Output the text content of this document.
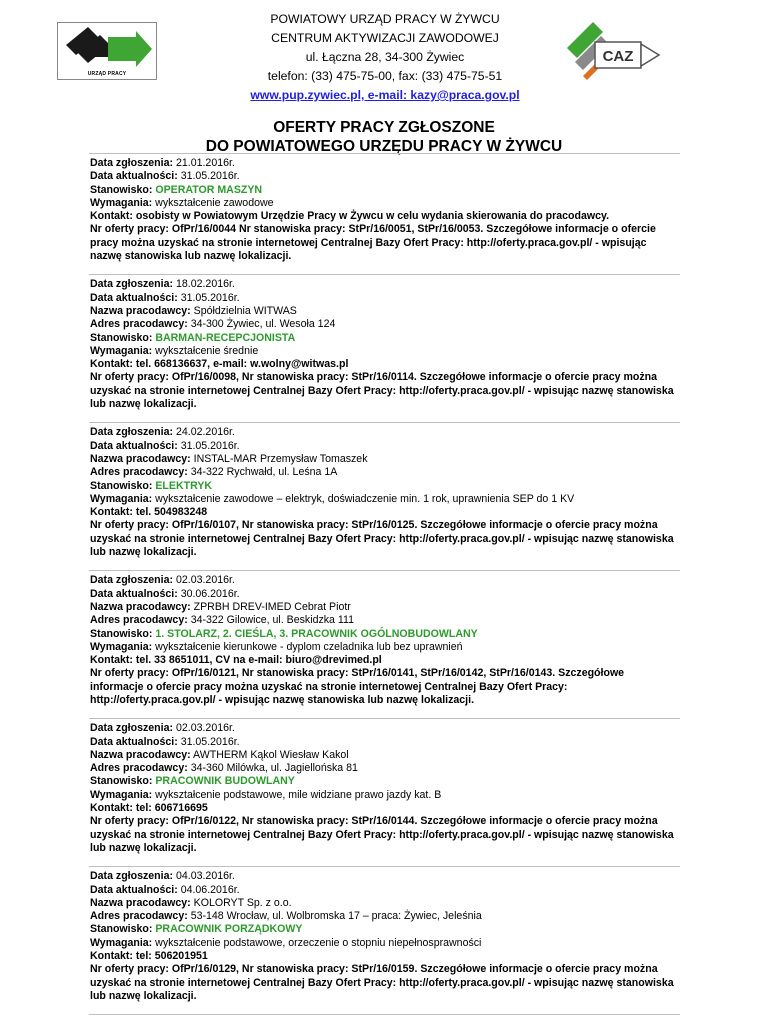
URZĄD PRACY
POWIATOWY URZĄD PRACY W ŻYWCU
CENTRUM AKTYWIZACJI ZAWODOWEJ
ul. Łączna 28, 34-300 Żywiec
telefon: (33) 475-75-00, fax: (33) 475-75-51
www.pup.zywiec.pl, e-mail: kazy@praca.gov.pl
CAZ
OFERTY PRACY ZGŁOSZONE
DO POWIATOWEGO URZĘDU PRACY W ŻYWCU
Data zgłoszenia: 21.01.2016r.
Data aktualności: 31.05.2016r.
Stanowisko: OPERATOR MASZYN
Wymagania: wykształcenie zawodowe
Kontakt: osobisty w Powiatowym Urzędzie Pracy w Żywcu w celu wydania skierowania do pracodawcy.
Nr oferty pracy: OfPr/16/0044 Nr stanowiska pracy: StPr/16/0051, StPr/16/0053. Szczegółowe informacje o ofercie pracy można uzyskać na stronie internetowej Centralnej Bazy Ofert Pracy: http://oferty.praca.gov.pl/ - wpisując nazwę stanowiska lub nazwę lokalizacji.
Data zgłoszenia: 18.02.2016r.
Data aktualności: 31.05.2016r.
Nazwa pracodawcy: Spółdzielnia WITWAS
Adres pracodawcy: 34-300 Żywiec, ul. Wesoła 124
Stanowisko: BARMAN-RECEPCJONISTA
Wymagania: wykształcenie średnie
Kontakt: tel. 668136637, e-mail: w.wolny@witwas.pl
Nr oferty pracy: OfPr/16/0098, Nr stanowiska pracy: StPr/16/0114. Szczegółowe informacje o ofercie pracy można uzyskać na stronie internetowej Centralnej Bazy Ofert Pracy: http://oferty.praca.gov.pl/ - wpisując nazwę stanowiska lub nazwę lokalizacji.
Data zgłoszenia: 24.02.2016r.
Data aktualności: 31.05.2016r.
Nazwa pracodawcy: INSTAL-MAR Przemysław Tomaszek
Adres pracodawcy: 34-322 Rychwałd, ul. Leśna 1A
Stanowisko: ELEKTRYK
Wymagania: wykształcenie zawodowe – elektryk, doświadczenie min. 1 rok, uprawnienia SEP do 1 KV
Kontakt: tel. 504983248
Nr oferty pracy: OfPr/16/0107, Nr stanowiska pracy: StPr/16/0125. Szczegółowe informacje o ofercie pracy można uzyskać na stronie internetowej Centralnej Bazy Ofert Pracy: http://oferty.praca.gov.pl/ - wpisując nazwę stanowiska lub nazwę lokalizacji.
Data zgłoszenia: 02.03.2016r.
Data aktualności: 30.06.2016r.
Nazwa pracodawcy: ZPRBH DREV-IMED Cebrat Piotr
Adres pracodawcy: 34-322 Gilowice, ul. Beskidzka 111
Stanowisko: 1. STOLARZ, 2. CIEŚLA, 3. PRACOWNIK OGÓLNOBUDOWLANY
Wymagania: wykształcenie kierunkowe - dyplom czeladnika lub bez uprawnień
Kontakt: tel. 33 8651011, CV na e-mail: biuro@drevimed.pl
Nr oferty pracy: OfPr/16/0121, Nr stanowiska pracy: StPr/16/0141, StPr/16/0142, StPr/16/0143. Szczegółowe informacje o ofercie pracy można uzyskać na stronie internetowej Centralnej Bazy Ofert Pracy: http://oferty.praca.gov.pl/ - wpisując nazwę stanowiska lub nazwę lokalizacji.
Data zgłoszenia: 02.03.2016r.
Data aktualności: 31.05.2016r.
Nazwa pracodawcy: AWTHERM Kąkol Wiesław Kakol
Adres pracodawcy: 34-360 Milówka, ul. Jagiellońska 81
Stanowisko: PRACOWNIK BUDOWLANY
Wymagania: wykształcenie podstawowe, mile widziane prawo jazdy kat. B
Kontakt: tel: 606716695
Nr oferty pracy: OfPr/16/0122, Nr stanowiska pracy: StPr/16/0144. Szczegółowe informacje o ofercie pracy można uzyskać na stronie internetowej Centralnej Bazy Ofert Pracy: http://oferty.praca.gov.pl/ - wpisując nazwę stanowiska lub nazwę lokalizacji.
Data zgłoszenia: 04.03.2016r.
Data aktualności: 04.06.2016r.
Nazwa pracodawcy: KOLORYT Sp. z o.o.
Adres pracodawcy: 53-148 Wrocław, ul. Wolbromska 17 – praca: Żywiec, Jeleśnia
Stanowisko: PRACOWNIK PORZĄDKOWY
Wymagania: wykształcenie podstawowe, orzeczenie o stopniu niepełnosprawności
Kontakt: tel: 506201951
Nr oferty pracy: OfPr/16/0129, Nr stanowiska pracy: StPr/16/0159. Szczegółowe informacje o ofercie pracy można uzyskać na stronie internetowej Centralnej Bazy Ofert Pracy: http://oferty.praca.gov.pl/ - wpisując nazwę stanowiska lub nazwę lokalizacji.
